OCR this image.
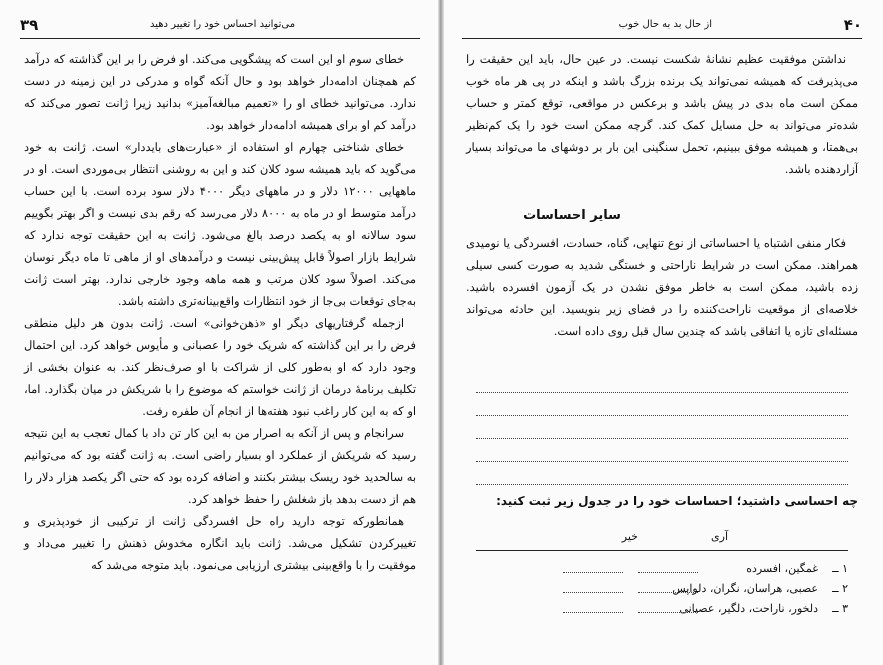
۳۹	می‌توانید احساس خود را تغییر دهید

خطای سوم او این است که پیشگویی می‌کند. او فرض را بر این گذاشته که درآمد کم همچنان ادامه‌دار خواهد بود و حال آنکه گواه و مدرکی در این زمینه در دست ندارد. می‌توانید خطای او را «تعمیم مبالغه‌آمیز» بدانید زیرا ژانت تصور می‌کند که درآمد کم او برای همیشه ادامه‌دار خواهد بود.

خطای شناختی چهارم او استفاده از «عبارت‌های بایددار» است. ژانت به خود می‌گوید که باید همیشه سود کلان کند و این به روشنی انتظار بی‌موردی است. او در ماههایی ۱۲۰۰۰ دلار و در ماههای دیگر ۴۰۰۰ دلار سود برده است. با این حساب درآمد متوسط او در ماه به ۸۰۰۰ دلار می‌رسد که رقم بدی نیست و اگر بهتر بگوییم سود سالانه او به یکصد درصد بالغ می‌شود. ژانت به این حقیقت توجه ندارد که شرایط بازار اصولاً قابل پیش‌بینی نیست و درآمدهای او از ماهی تا ماه دیگر نوسان می‌کند. اصولاً سود کلان مرتب و همه ماهه وجود خارجی ندارد. بهتر است ژانت به‌جای توقعات بی‌جا از خود انتظارات واقع‌بینانه‌تری داشته باشد.

ازجمله گرفتاریهای دیگر او «ذهن‌خوانی» است. ژانت بدون هر دلیل منطقی فرض را بر این گذاشته که شریک خود را عصبانی و مأیوس خواهد کرد. این احتمال وجود دارد که او به‌طور کلی از شراکت با او صرف‌نظر کند. به عنوان بخشی از تکلیف برنامهٔ درمان از ژانت خواستم که موضوع را با شریکش در میان بگذارد. اما، او که به این کار راغب نبود هفته‌ها از انجام آن طفره رفت.

سرانجام و پس از آنکه به اصرار من به این کار تن داد با کمال تعجب به این نتیجه رسید که شریکش از عملکرد او بسیار راضی است. به ژانت گفته بود که می‌توانیم به سالحدید خود ریسک بیشتر بکنند و اضافه کرده بود که حتی اگر یکصد هزار دلار را هم از دست بدهد باز شغلش را حفظ خواهد کرد.

همانطورکه توجه دارید راه حل افسردگی ژانت از ترکیبی از خودپذیری و تغییرکردن تشکیل می‌شد. ژانت باید انگاره مخدوش ذهنش را تغییر می‌داد و موفقیت را با واقع‌بینی بیشتری ارزیابی می‌نمود. باید متوجه می‌شد که

۴۰
از حال بد به حال خوب

نداشتن موفقیت عظیم نشانهٔ شکست نیست. در عین حال، باید این حقیقت را می‌پذیرفت که همیشه نمی‌تواند یک برنده بزرگ باشد و اینکه در پی هر ماه خوب ممکن است ماه بدی در پیش باشد و برعکس در مواقعی، توقع کمتر و حساب شده‌تر می‌تواند به حل مسایل کمک کند. گرچه ممکن است خود را یک کم‌نظیر بی‌همتا، و همیشه موفق ببینیم، تحمل سنگینی این بار بر دوشهای ما می‌تواند بسیار آزاردهنده باشد.

سایر احساسات

فکار منفی اشتباه یا احساساتی از نوع تنهایی، گناه، حسادت، افسردگی یا نومیدی همراهند. ممکن است در شرایط ناراحتی و خستگی شدید به صورت کسی سیلی زده باشید، ممکن است به خاطر موفق نشدن در یک آزمون افسرده باشید. خلاصه‌ای از موقعیت ناراحت‌کننده را در فضای زیر بنویسید. این حادثه می‌تواند مسئله‌ای تازه یا اتفاقی باشد که چندین سال قبل روی داده است.

چه احساسی داشتید؛ احساسات خود را در جدول زیر ثبت کنید:
آری
خیر
۱ ــ
غمگین، افسرده
۲ ــ
عصبی، هراسان، نگران، دلواپس
۳ ــ
دلخور، ناراحت، دلگیر، عصبانی
